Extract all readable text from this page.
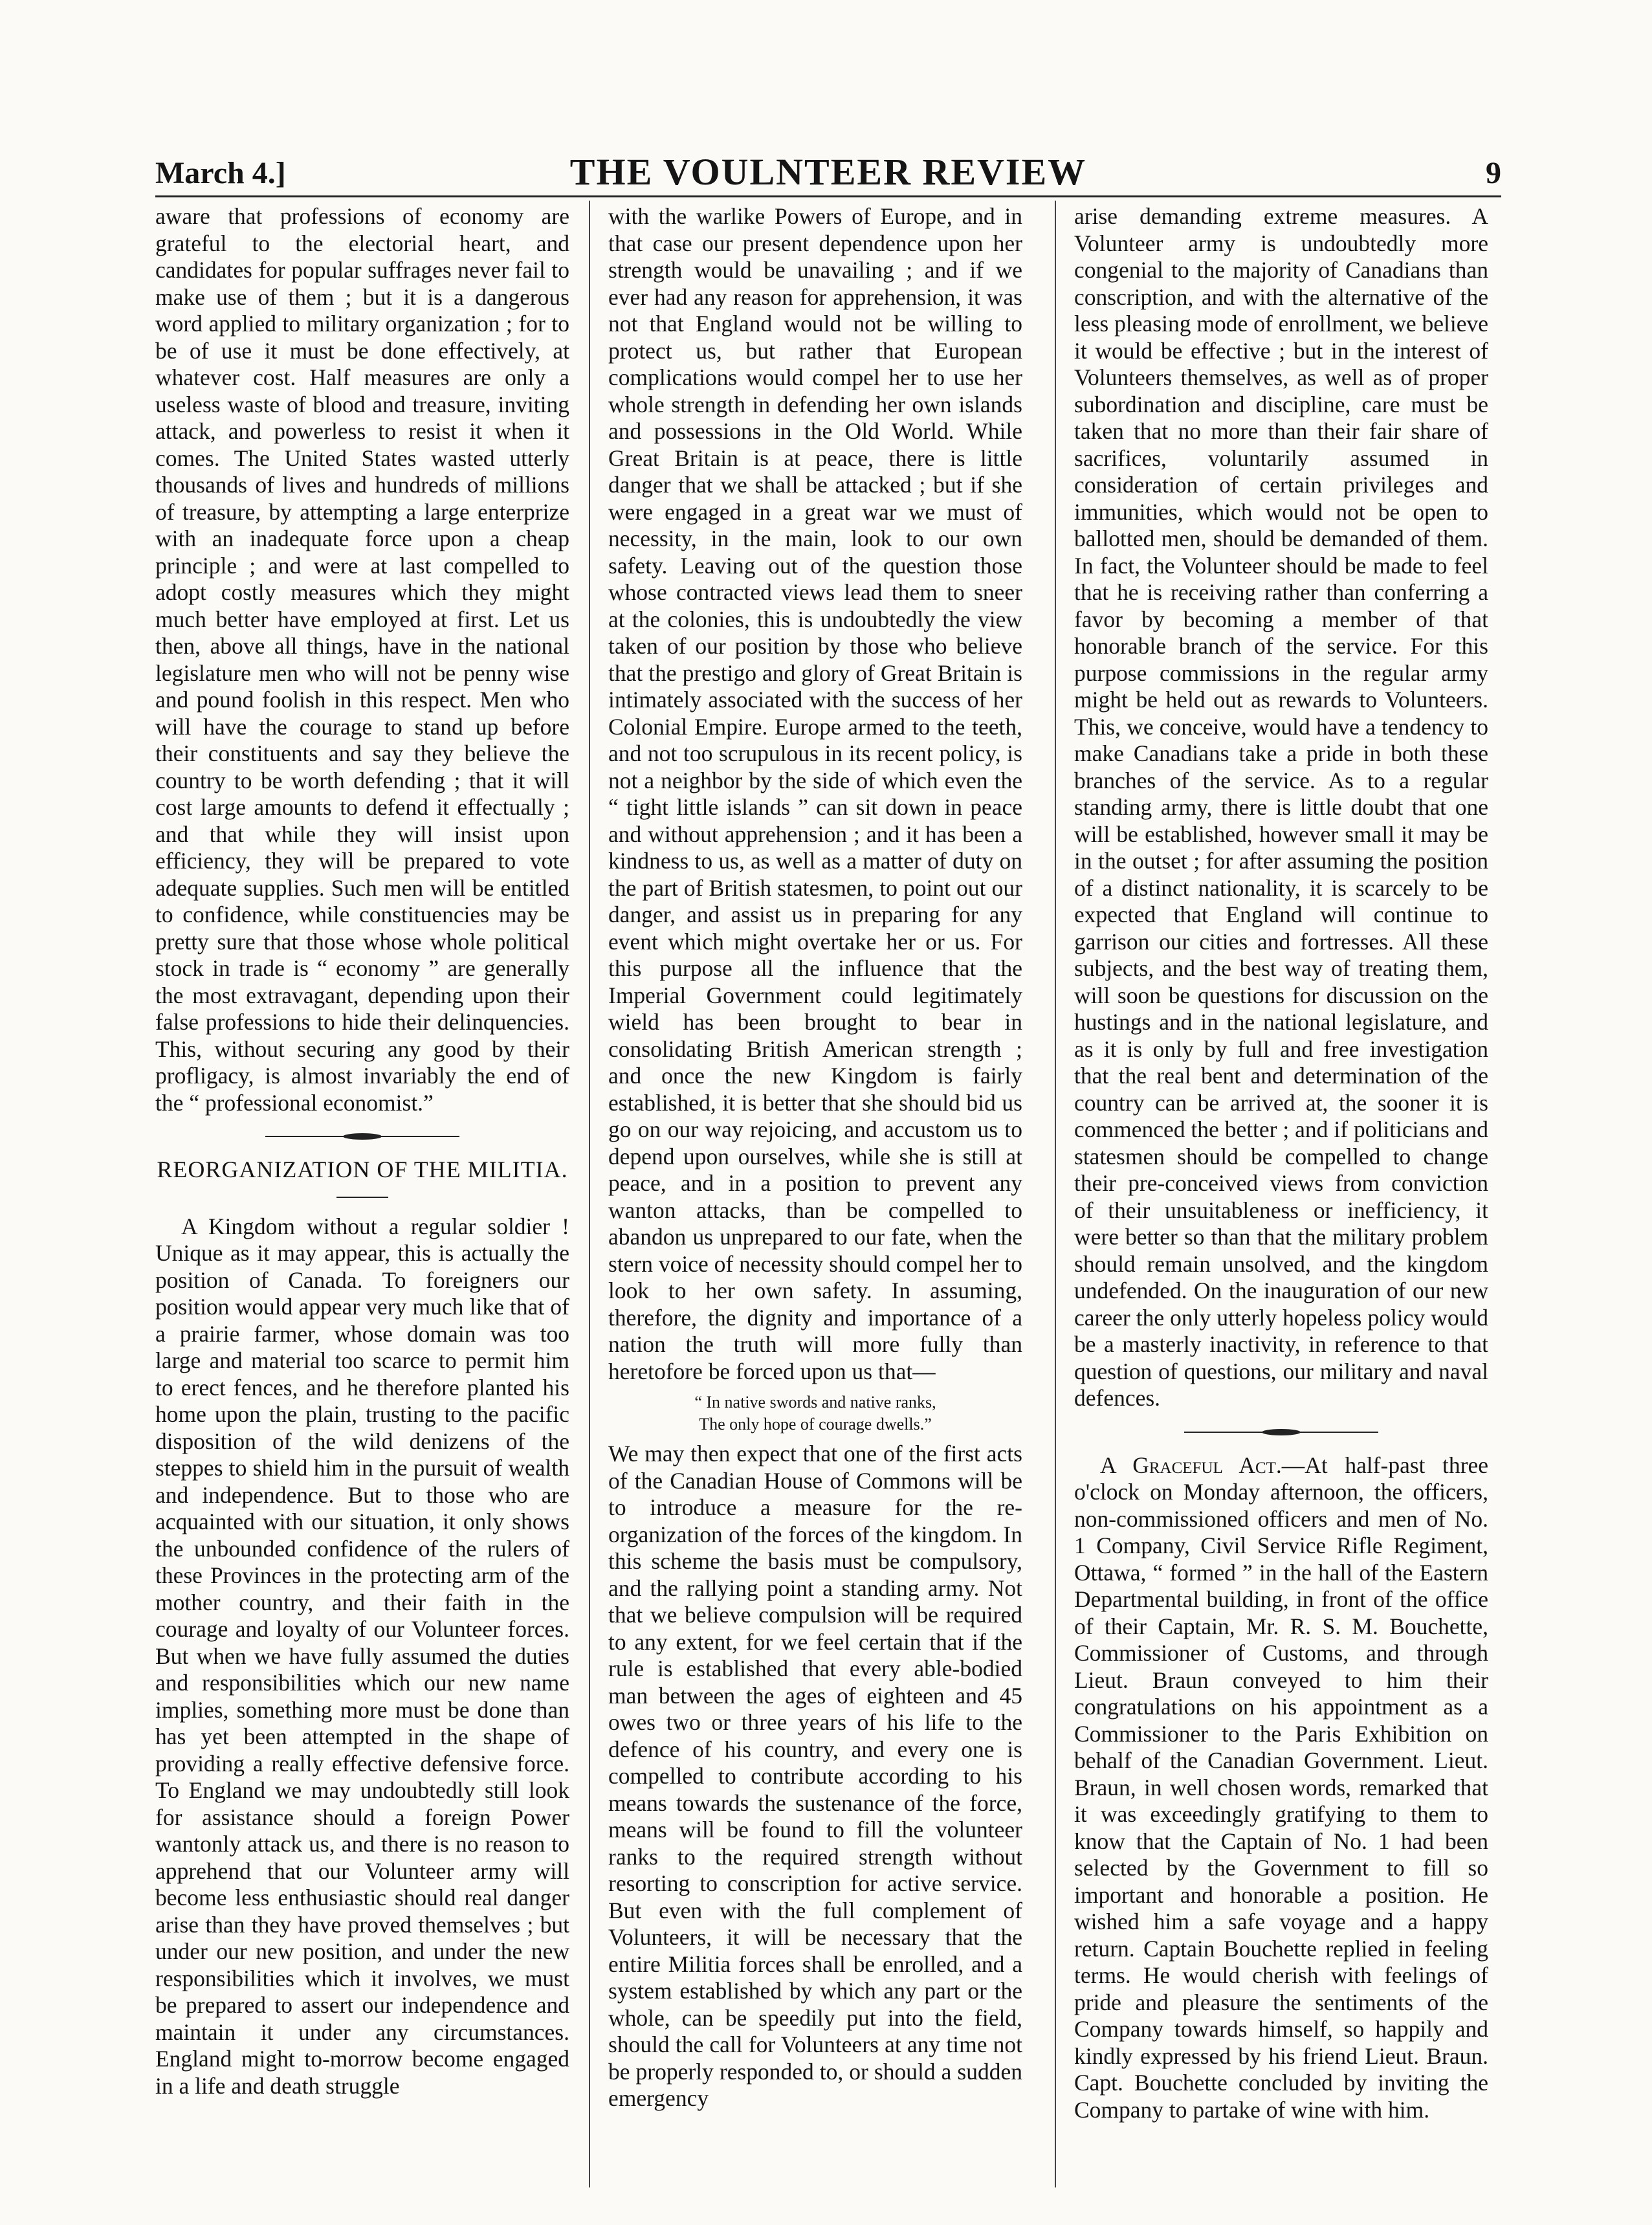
March 4.]	THE VOULNTEER REVIEW	9

aware that professions of economy are grateful to the electorial heart, and candidates for popular suffrages never fail to make use of them ; but it is a dangerous word applied to military organization ; for to be of use it must be done effectively, at whatever cost. Half measures are only a useless waste of blood and treasure, inviting attack, and powerless to resist it when it comes. The United States wasted utterly thousands of lives and hundreds of millions of treasure, by attempting a large enterprize with an inadequate force upon a cheap principle ; and were at last compelled to adopt costly measures which they might much better have employed at first. Let us then, above all things, have in the national legislature men who will not be penny wise and pound foolish in this respect. Men who will have the courage to stand up before their constituents and say they believe the country to be worth defending ; that it will cost large amounts to defend it effectually ; and that while they will insist upon efficiency, they will be prepared to vote adequate supplies. Such men will be entitled to confidence, while constituencies may be pretty sure that those whose whole political stock in trade is “ economy ” are generally the most extravagant, depending upon their false professions to hide their delinquencies. This, without securing any good by their profligacy, is almost invariably the end of the “ professional economist.”

REORGANIZATION OF THE MILITIA.

A Kingdom without a regular soldier ! Unique as it may appear, this is actually the position of Canada. To foreigners our position would appear very much like that of a prairie farmer, whose domain was too large and material too scarce to permit him to erect fences, and he therefore planted his home upon the plain, trusting to the pacific disposition of the wild denizens of the steppes to shield him in the pursuit of wealth and independence. But to those who are acquainted with our situation, it only shows the unbounded confidence of the rulers of these Provinces in the protecting arm of the mother country, and their faith in the courage and loyalty of our Volunteer forces. But when we have fully assumed the duties and responsibilities which our new name implies, something more must be done than has yet been attempted in the shape of providing a really effective defensive force. To England we may undoubtedly still look for assistance should a foreign Power wantonly attack us, and there is no reason to apprehend that our Volunteer army will become less enthusiastic should real danger arise than they have proved themselves ; but under our new position, and under the new responsibilities which it involves, we must be prepared to assert our independence and maintain it under any circumstances. England might to-morrow become engaged in a life and death struggle

with the warlike Powers of Europe, and in that case our present dependence upon her strength would be unavailing ; and if we ever had any reason for apprehension, it was not that England would not be willing to protect us, but rather that European complications would compel her to use her whole strength in defending her own islands and possessions in the Old World. While Great Britain is at peace, there is little danger that we shall be attacked ; but if she were engaged in a great war we must of necessity, in the main, look to our own safety. Leaving out of the question those whose contracted views lead them to sneer at the colonies, this is undoubtedly the view taken of our position by those who believe that the prestigo and glory of Great Britain is intimately associated with the success of her Colonial Empire. Europe armed to the teeth, and not too scrupulous in its recent policy, is not a neighbor by the side of which even the “ tight little islands ” can sit down in peace and without apprehension ; and it has been a kindness to us, as well as a matter of duty on the part of British statesmen, to point out our danger, and assist us in preparing for any event which might overtake her or us. For this purpose all the influence that the Imperial Government could legitimately wield has been brought to bear in consolidating British American strength ; and once the new Kingdom is fairly established, it is better that she should bid us go on our way rejoicing, and accustom us to depend upon ourselves, while she is still at peace, and in a position to prevent any wanton attacks, than be compelled to abandon us unprepared to our fate, when the stern voice of necessity should compel her to look to her own safety. In assuming, therefore, the dignity and importance of a nation the truth will more fully than heretofore be forced upon us that—

“ In native swords and native ranks,
The only hope of courage dwells.”

We may then expect that one of the first acts of the Canadian House of Commons will be to introduce a measure for the re-organization of the forces of the kingdom. In this scheme the basis must be compulsory, and the rallying point a standing army. Not that we believe compulsion will be required to any extent, for we feel certain that if the rule is established that every able-bodied man between the ages of eighteen and 45 owes two or three years of his life to the defence of his country, and every one is compelled to contribute according to his means towards the sustenance of the force, means will be found to fill the volunteer ranks to the required strength without resorting to conscription for active service. But even with the full complement of Volunteers, it will be necessary that the entire Militia forces shall be enrolled, and a system established by which any part or the whole, can be speedily put into the field, should the call for Volunteers at any time not be properly responded to, or should a sudden emergency

arise demanding extreme measures. A Volunteer army is undoubtedly more congenial to the majority of Canadians than conscription, and with the alternative of the less pleasing mode of enrollment, we believe it would be effective ; but in the interest of Volunteers themselves, as well as of proper subordination and discipline, care must be taken that no more than their fair share of sacrifices, voluntarily assumed in consideration of certain privileges and immunities, which would not be open to ballotted men, should be demanded of them. In fact, the Volunteer should be made to feel that he is receiving rather than conferring a favor by becoming a member of that honorable branch of the service. For this purpose commissions in the regular army might be held out as rewards to Volunteers. This, we conceive, would have a tendency to make Canadians take a pride in both these branches of the service. As to a regular standing army, there is little doubt that one will be established, however small it may be in the outset ; for after assuming the position of a distinct nationality, it is scarcely to be expected that England will continue to garrison our cities and fortresses. All these subjects, and the best way of treating them, will soon be questions for discussion on the hustings and in the national legislature, and as it is only by full and free investigation that the real bent and determination of the country can be arrived at, the sooner it is commenced the better ; and if politicians and statesmen should be compelled to change their pre-conceived views from conviction of their unsuitableness or inefficiency, it were better so than that the military problem should remain unsolved, and the kingdom undefended. On the inauguration of our new career the only utterly hopeless policy would be a masterly inactivity, in reference to that question of questions, our military and naval defences.

A Graceful Act.—At half-past three o'clock on Monday afternoon, the officers, non-commissioned officers and men of No. 1 Company, Civil Service Rifle Regiment, Ottawa, “ formed ” in the hall of the Eastern Departmental building, in front of the office of their Captain, Mr. R. S. M. Bouchette, Commissioner of Customs, and through Lieut. Braun conveyed to him their congratulations on his appointment as a Commissioner to the Paris Exhibition on behalf of the Canadian Government. Lieut. Braun, in well chosen words, remarked that it was exceedingly gratifying to them to know that the Captain of No. 1 had been selected by the Government to fill so important and honorable a position. He wished him a safe voyage and a happy return. Captain Bouchette replied in feeling terms. He would cherish with feelings of pride and pleasure the sentiments of the Company towards himself, so happily and kindly expressed by his friend Lieut. Braun. Capt. Bouchette concluded by inviting the Company to partake of wine with him.
